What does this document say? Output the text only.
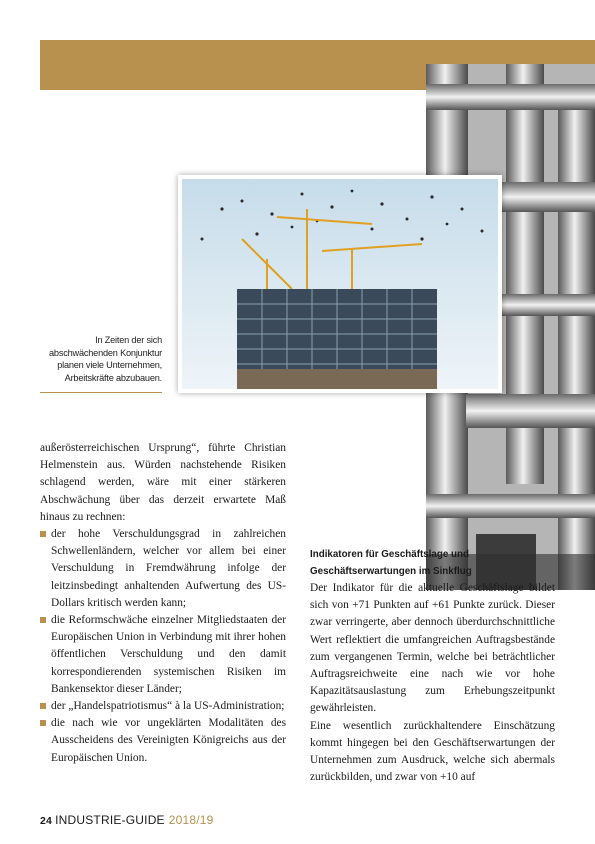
In Zeiten der sich abschwächenden Konjunktur planen viele Unternehmen, Arbeitskräfte abzubauen.

außerösterreichischen Ursprung“, führte Christian Helmenstein aus. Würden nachstehende Risiken schlagend werden, wäre mit einer stärkeren Abschwächung über das derzeit erwartete Maß hinaus zu rechnen:

der hohe Verschuldungsgrad in zahlreichen Schwellenländern, welcher vor allem bei einer Verschuldung in Fremdwährung infolge der leitzinsbedingt anhaltenden Aufwertung des US-Dollars kritisch werden kann;
die Reformschwäche einzelner Mitgliedstaaten der Europäischen Union in Verbindung mit ihrer hohen öffentlichen Verschuldung und den damit korrespondierenden systemischen Risiken im Bankensektor dieser Länder;
der „Handelspatriotismus“ à la US-Administration;
die nach wie vor ungeklärten Modalitäten des Ausscheidens des Vereinigten Königreichs aus der Europäischen Union.
Indikatoren für Geschäftslage und Geschäftserwartungen im Sinkflug

Der Indikator für die aktuelle Geschäftslage bildet sich von +71 Punkten auf +61 Punkte zurück. Dieser zwar verringerte, aber dennoch überdurchschnittliche Wert reflektiert die umfangreichen Auftragsbestände zum vergangenen Termin, welche bei beträchtlicher Auftragsreichweite eine nach wie vor hohe Kapazitätsauslastung zum Erhebungszeitpunkt gewährleisten.

Eine wesentlich zurückhaltendere Einschätzung kommt hingegen bei den Geschäftserwartungen der Unternehmen zum Ausdruck, welche sich abermals zurückbilden, und zwar von +10 auf

24 INDUSTRIE-GUIDE 2018/19
